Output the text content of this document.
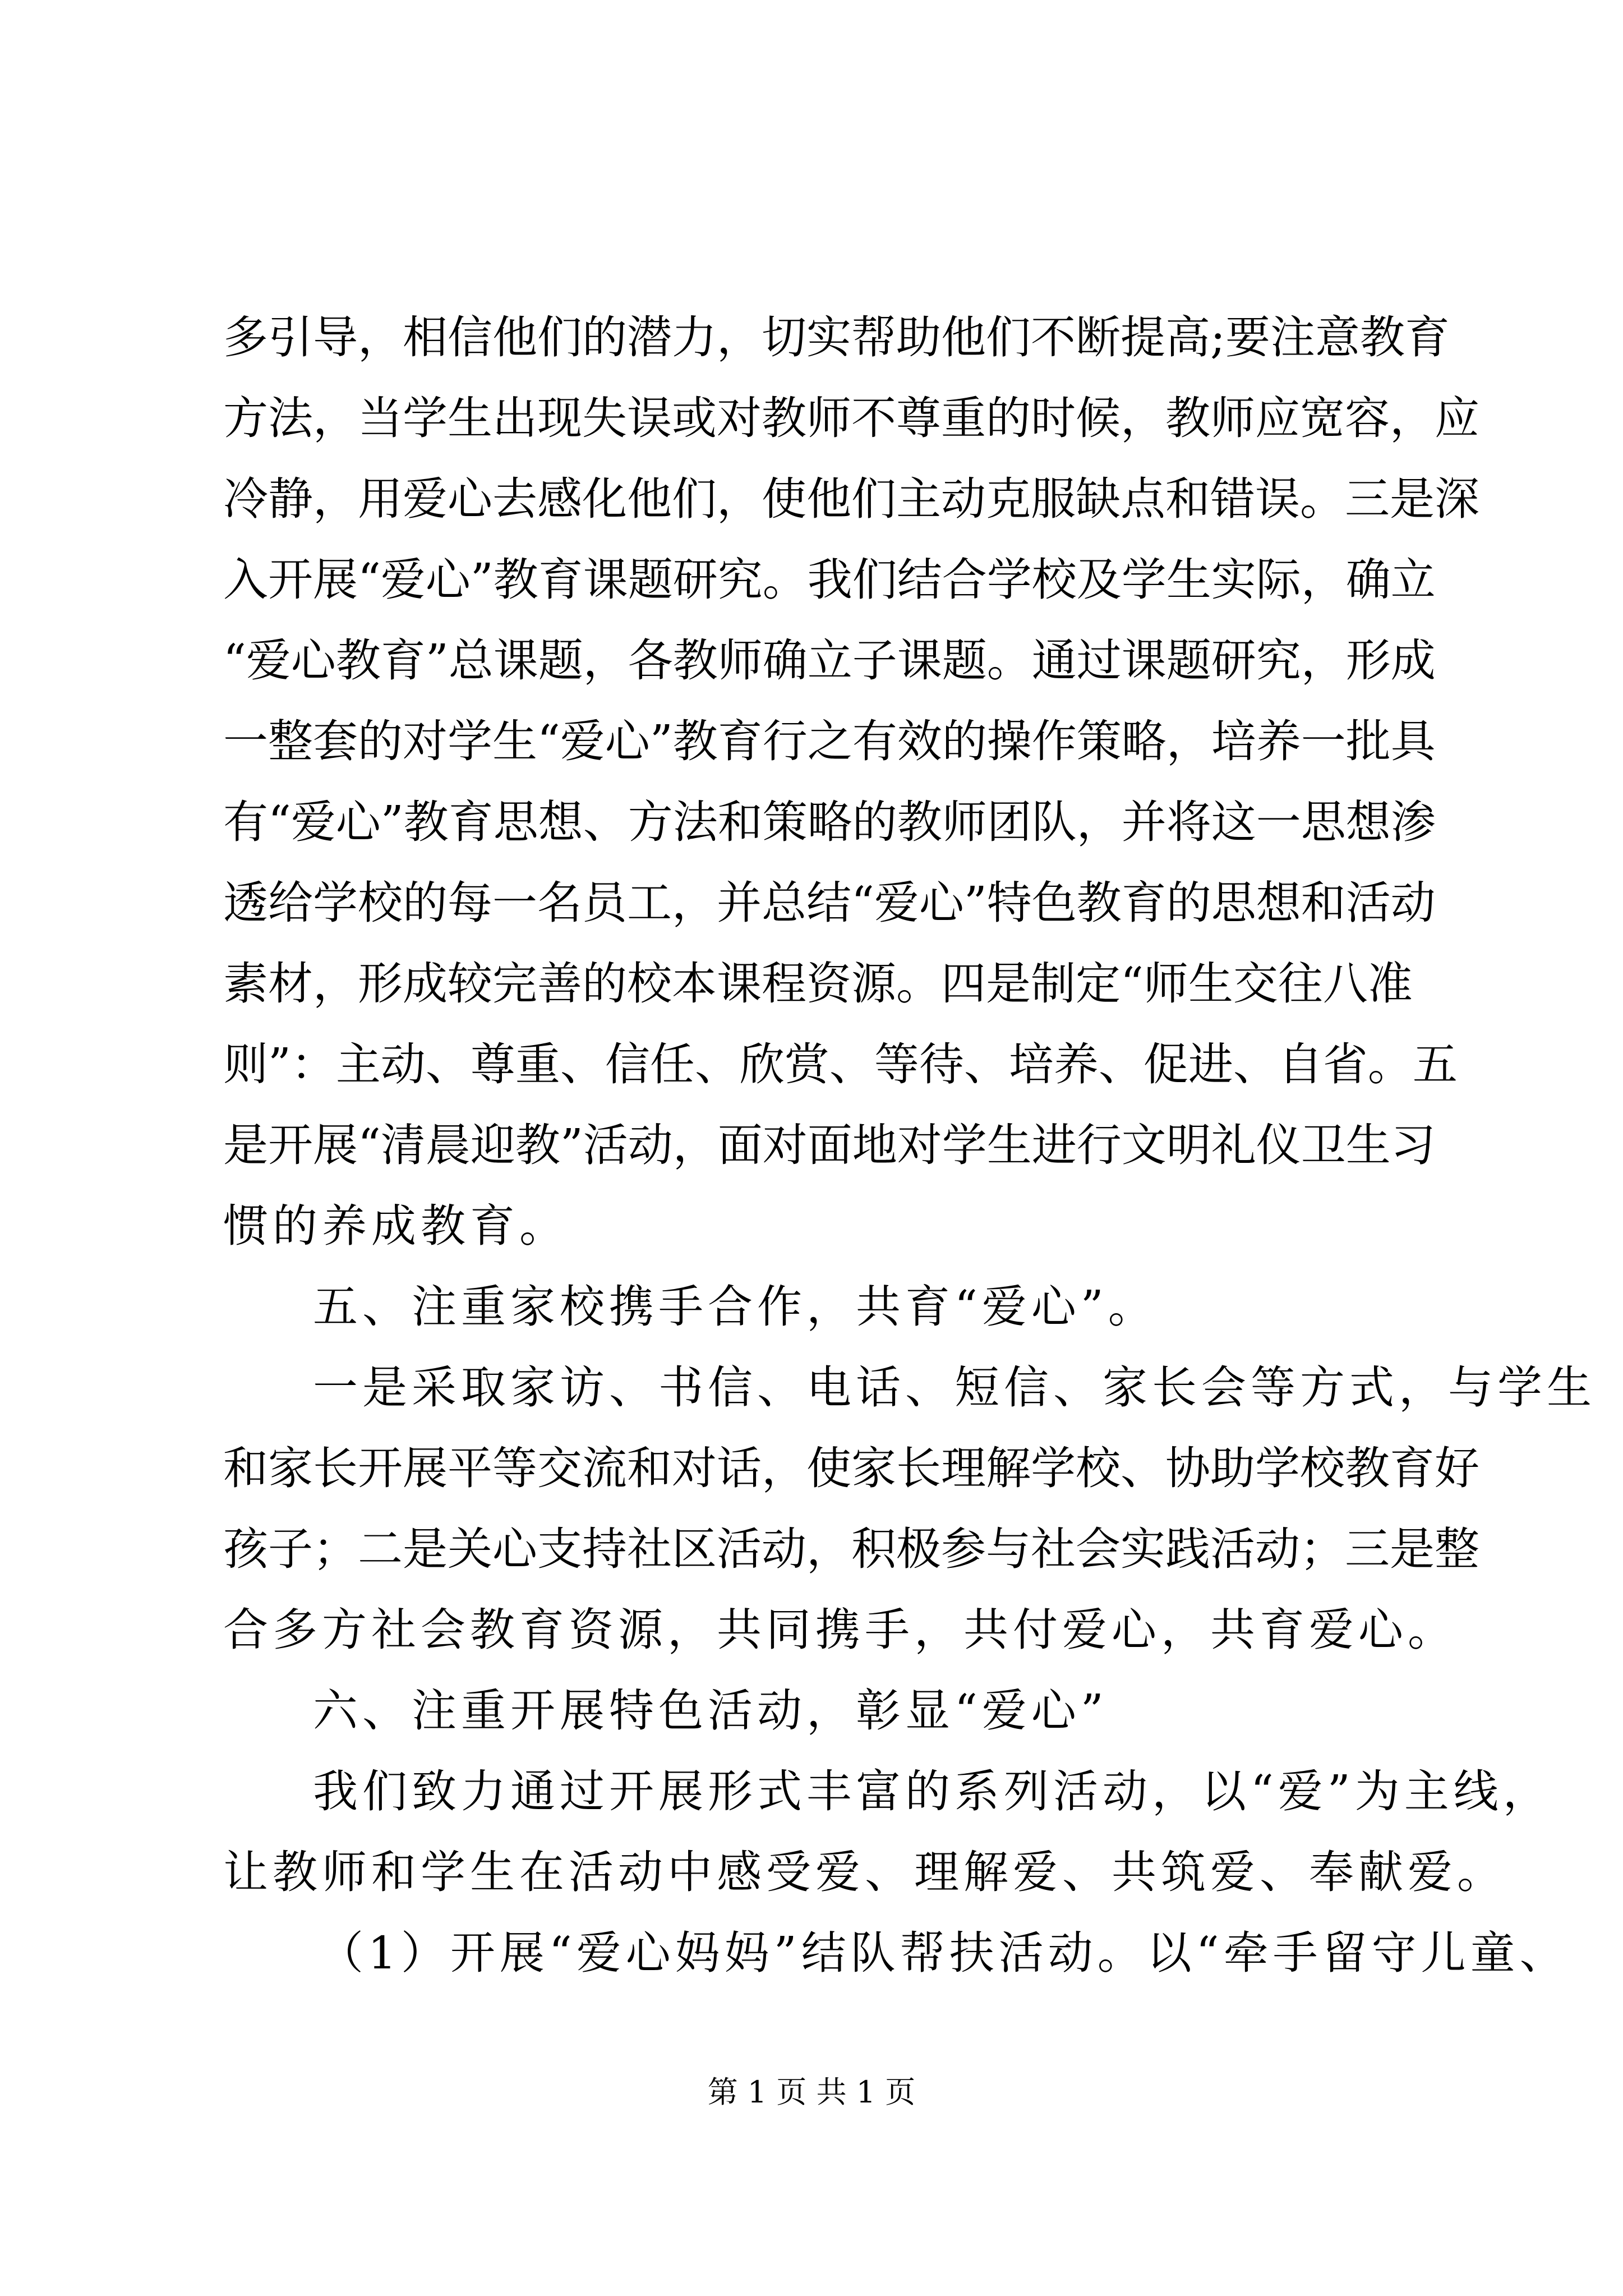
多引导，相信他们的潜力，切实帮助他们不断提高;要注意教育
方法，当学生出现失误或对教师不尊重的时候，教师应宽容，应
冷静，用爱心去感化他们，使他们主动克服缺点和错误。三是深
入开展“爱心”教育课题研究。我们结合学校及学生实际，确立
“爱心教育”总课题，各教师确立子课题。通过课题研究，形成
一整套的对学生“爱心”教育行之有效的操作策略，培养一批具
有“爱心”教育思想、方法和策略的教师团队，并将这一思想渗
透给学校的每一名员工，并总结“爱心”特色教育的思想和活动
素材，形成较完善的校本课程资源。四是制定“师生交往八准
则”：主动、尊重、信任、欣赏、等待、培养、促进、自省。五
是开展“清晨迎教”活动，面对面地对学生进行文明礼仪卫生习
惯的养成教育。
五、注重家校携手合作，共育“爱心”。
一是采取家访、书信、电话、短信、家长会等方式，与学生
和家长开展平等交流和对话，使家长理解学校、协助学校教育好
孩子；二是关心支持社区活动，积极参与社会实践活动；三是整
合多方社会教育资源，共同携手，共付爱心，共育爱心。
六、注重开展特色活动，彰显“爱心”
我们致力通过开展形式丰富的系列活动，以“爱”为主线，
让教师和学生在活动中感受爱、理解爱、共筑爱、奉献爱。
（1）开展“爱心妈妈”结队帮扶活动。以“牵手留守儿童、
第 1 页 共 1 页
